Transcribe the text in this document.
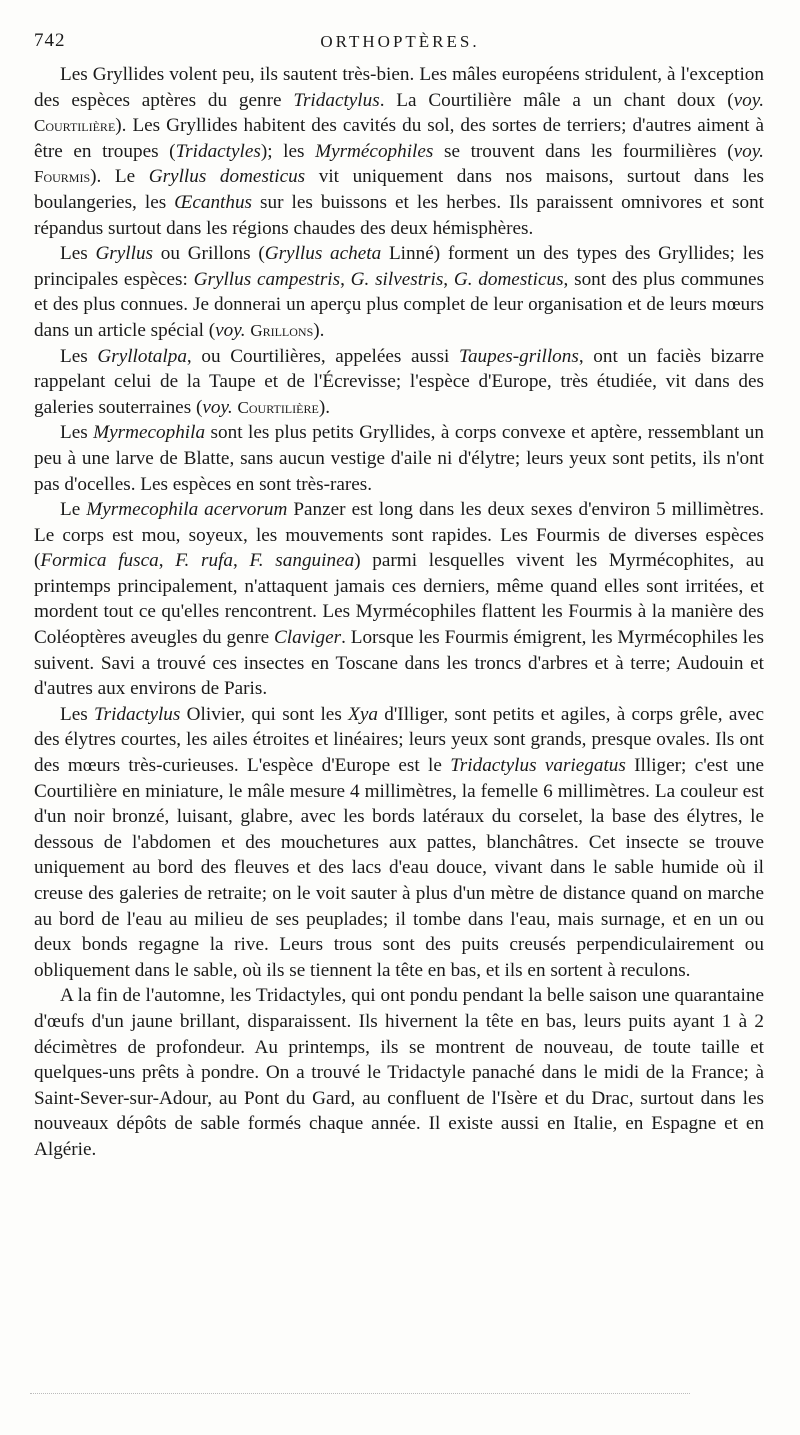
742	ORTHOPTÈRES.

Les Gryllides volent peu, ils sautent très-bien. Les mâles européens stridulent, à l'exception des espèces aptères du genre Tridactylus. La Courtilière mâle a un chant doux (voy. Courtilière). Les Gryllides habitent des cavités du sol, des sortes de terriers; d'autres aiment à être en troupes (Tridactyles); les Myrmécophiles se trouvent dans les fourmilières (voy. Fourmis). Le Gryllus domesticus vit uniquement dans nos maisons, surtout dans les boulangeries, les Œcanthus sur les buissons et les herbes. Ils paraissent omnivores et sont répandus surtout dans les régions chaudes des deux hémisphères.

Les Gryllus ou Grillons (Gryllus acheta Linné) forment un des types des Gryllides; les principales espèces: Gryllus campestris, G. silvestris, G. domesticus, sont des plus communes et des plus connues. Je donnerai un aperçu plus complet de leur organisation et de leurs mœurs dans un article spécial (voy. Grillons).

Les Gryllotalpa, ou Courtilières, appelées aussi Taupes-grillons, ont un faciès bizarre rappelant celui de la Taupe et de l'Écrevisse; l'espèce d'Europe, très étudiée, vit dans des galeries souterraines (voy. Courtilière).

Les Myrmecophila sont les plus petits Gryllides, à corps convexe et aptère, ressemblant un peu à une larve de Blatte, sans aucun vestige d'aile ni d'élytre; leurs yeux sont petits, ils n'ont pas d'ocelles. Les espèces en sont très-rares.

Le Myrmecophila acervorum Panzer est long dans les deux sexes d'environ 5 millimètres. Le corps est mou, soyeux, les mouvements sont rapides. Les Fourmis de diverses espèces (Formica fusca, F. rufa, F. sanguinea) parmi lesquelles vivent les Myrmécophites, au printemps principalement, n'attaquent jamais ces derniers, même quand elles sont irritées, et mordent tout ce qu'elles rencontrent. Les Myrmécophiles flattent les Fourmis à la manière des Coléoptères aveugles du genre Claviger. Lorsque les Fourmis émigrent, les Myrmécophiles les suivent. Savi a trouvé ces insectes en Toscane dans les troncs d'arbres et à terre; Audouin et d'autres aux environs de Paris.

Les Tridactylus Olivier, qui sont les Xya d'Illiger, sont petits et agiles, à corps grêle, avec des élytres courtes, les ailes étroites et linéaires; leurs yeux sont grands, presque ovales. Ils ont des mœurs très-curieuses. L'espèce d'Europe est le Tridactylus variegatus Illiger; c'est une Courtilière en miniature, le mâle mesure 4 millimètres, la femelle 6 millimètres. La couleur est d'un noir bronzé, luisant, glabre, avec les bords latéraux du corselet, la base des élytres, le dessous de l'abdomen et des mouchetures aux pattes, blanchâtres. Cet insecte se trouve uniquement au bord des fleuves et des lacs d'eau douce, vivant dans le sable humide où il creuse des galeries de retraite; on le voit sauter à plus d'un mètre de distance quand on marche au bord de l'eau au milieu de ses peuplades; il tombe dans l'eau, mais surnage, et en un ou deux bonds regagne la rive. Leurs trous sont des puits creusés perpendiculairement ou obliquement dans le sable, où ils se tiennent la tête en bas, et ils en sortent à reculons.

A la fin de l'automne, les Tridactyles, qui ont pondu pendant la belle saison une quarantaine d'œufs d'un jaune brillant, disparaissent. Ils hivernent la tête en bas, leurs puits ayant 1 à 2 décimètres de profondeur. Au printemps, ils se montrent de nouveau, de toute taille et quelques-uns prêts à pondre. On a trouvé le Tridactyle panaché dans le midi de la France; à Saint-Sever-sur-Adour, au Pont du Gard, au confluent de l'Isère et du Drac, surtout dans les nouveaux dépôts de sable formés chaque année. Il existe aussi en Italie, en Espagne et en Algérie.
